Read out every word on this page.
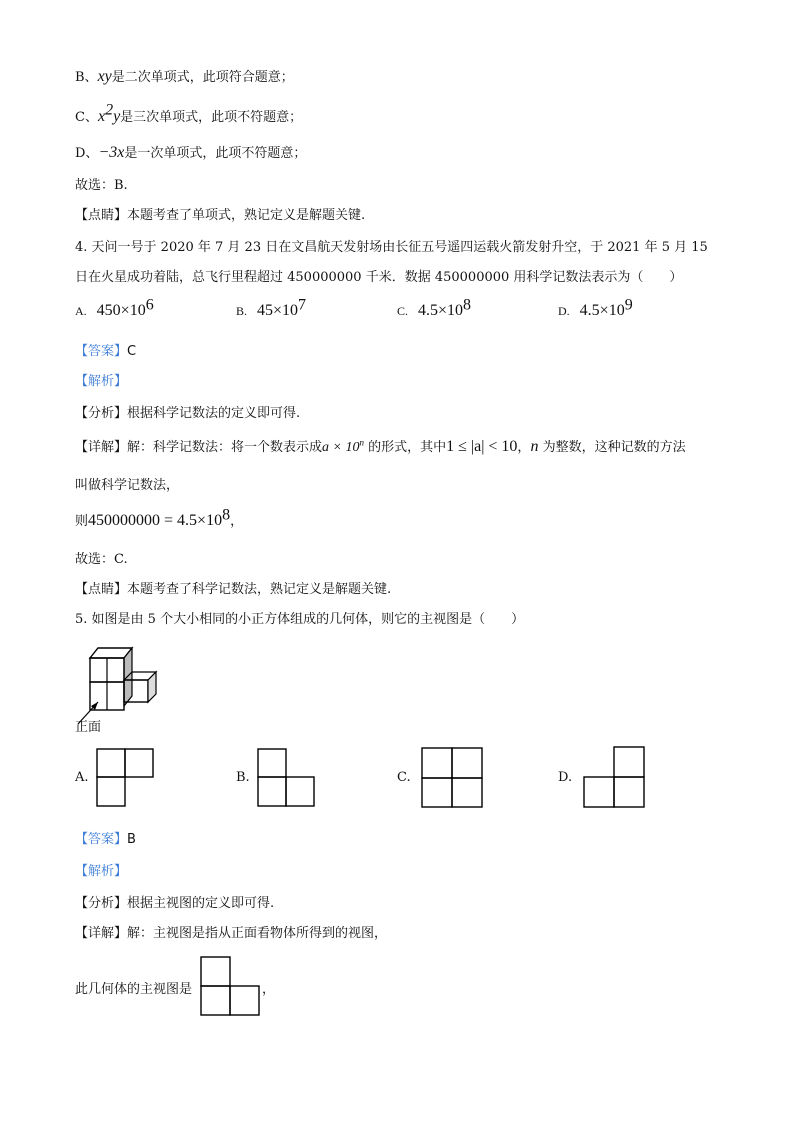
B、xy是二次单项式，此项符合题意；
C、$x^2y$是三次单项式，此项不符题意；
D、−3x是一次单项式，此项不符题意；
故选：B.
【点睛】本题考查了单项式，熟记定义是解题关键.
4. 天问一号于 2020 年 7 月 23 日在文昌航天发射场由长征五号遥四运载火箭发射升空，于 2021 年 5 月 15
日在火星成功着陆，总飞行里程超过 450000000 千米．数据 450000000 用科学记数法表示为（　　）
A. $450\times 10^6$	B. $45\times 10^7$	C. $4.5\times 10^8$	D. $4.5\times 10^9$
【答案】C
【解析】
【分析】根据科学记数法的定义即可得.
【详解】解：科学记数法：将一个数表示成$a \times 10^n$ 的形式，其中1 ≤ |a| < 10，n 为整数，这种记数的方法
叫做科学记数法，
则$450000000 = 4.5\times 10^8$，
故选：C.
【点睛】本题考查了科学记数法，熟记定义是解题关键.
5. 如图是由 5 个大小相同的小正方体组成的几何体，则它的主视图是（　　）
正面
A.	B.	C.	D.
【答案】B
【解析】
【分析】根据主视图的定义即可得.
【详解】解：主视图是指从正面看物体所得到的视图，
此几何体的主视图是	，
